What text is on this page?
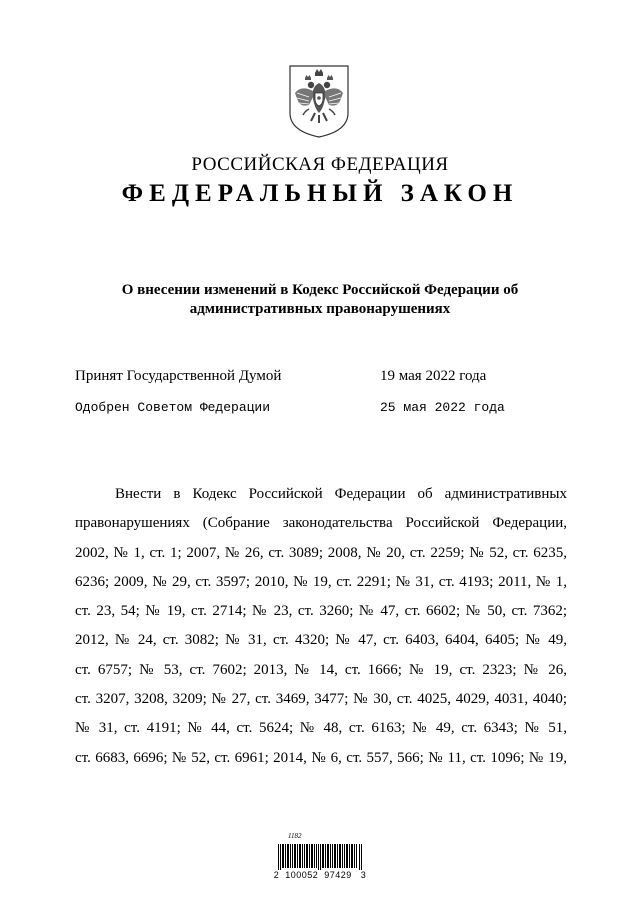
РОССИЙСКАЯ ФЕДЕРАЦИЯ
ФЕДЕРАЛЬНЫЙ ЗАКОН
О внесении изменений в Кодекс Российской Федерации об административных правонарушениях
Принят Государственной Думой	19 мая 2022 года
Одобрен Советом Федерации	25 мая 2022 года
Внести в Кодекс Российской Федерации об административных
правонарушениях (Собрание законодательства Российской Федерации,
2002, № 1, ст. 1; 2007, № 26, ст. 3089; 2008, № 20, ст. 2259; № 52, ст. 6235,
6236; 2009, № 29, ст. 3597; 2010, № 19, ст. 2291; № 31, ст. 4193; 2011, № 1,
ст. 23, 54; № 19, ст. 2714; № 23, ст. 3260; № 47, ст. 6602; № 50, ст. 7362;
2012, № 24, ст. 3082; № 31, ст. 4320; № 47, ст. 6403, 6404, 6405; № 49,
ст. 6757; № 53, ст. 7602; 2013, № 14, ст. 1666; № 19, ст. 2323; № 26,
ст. 3207, 3208, 3209; № 27, ст. 3469, 3477; № 30, ст. 4025, 4029, 4031, 4040;
№ 31, ст. 4191; № 44, ст. 5624; № 48, ст. 6163; № 49, ст. 6343; № 51,
ст. 6683, 6696; № 52, ст. 6961; 2014, № 6, ст. 557, 566; № 11, ст. 1096; № 19,
1182
2  100052  97429   3
